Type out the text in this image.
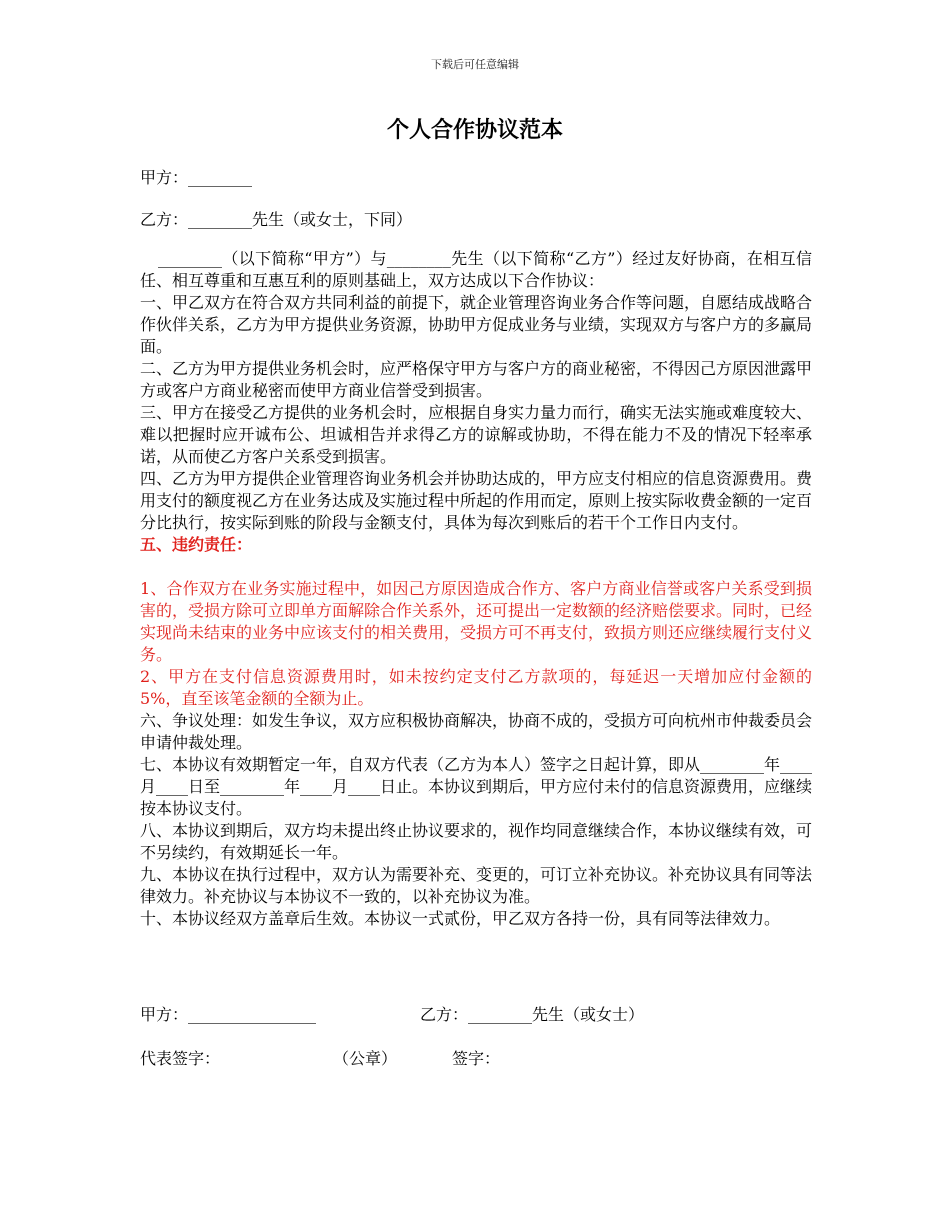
下载后可任意编辑
个人合作协议范本
甲方：________
乙方：________先生（或女士，下同）

________（以下简称“甲方”）与________先生（以下简称“乙方”）经过友好协商，在相互信任、相互尊重和互惠互利的原则基础上，双方达成以下合作协议：

一、甲乙双方在符合双方共同利益的前提下，就企业管理咨询业务合作等问题，自愿结成战略合作伙伴关系，乙方为甲方提供业务资源，协助甲方促成业务与业绩，实现双方与客户方的多赢局面。

二、乙方为甲方提供业务机会时，应严格保守甲方与客户方的商业秘密，不得因己方原因泄露甲方或客户方商业秘密而使甲方商业信誉受到损害。

三、甲方在接受乙方提供的业务机会时，应根据自身实力量力而行，确实无法实施或难度较大、难以把握时应开诚布公、坦诚相告并求得乙方的谅解或协助，不得在能力不及的情况下轻率承诺，从而使乙方客户关系受到损害。

四、乙方为甲方提供企业管理咨询业务机会并协助达成的，甲方应支付相应的信息资源费用。费用支付的额度视乙方在业务达成及实施过程中所起的作用而定，原则上按实际收费金额的一定百分比执行，按实际到账的阶段与金额支付，具体为每次到账后的若干个工作日内支付。

五、违约责任：

1、合作双方在业务实施过程中，如因己方原因造成合作方、客户方商业信誉或客户关系受到损害的，受损方除可立即单方面解除合作关系外，还可提出一定数额的经济赔偿要求。同时，已经实现尚未结束的业务中应该支付的相关费用，受损方可不再支付，致损方则还应继续履行支付义务。

2、甲方在支付信息资源费用时，如未按约定支付乙方款项的，每延迟一天增加应付金额的5%，直至该笔金额的全额为止。

六、争议处理：如发生争议，双方应积极协商解决，协商不成的，受损方可向杭州市仲裁委员会申请仲裁处理。

七、本协议有效期暂定一年，自双方代表（乙方为本人）签字之日起计算，即从________年____月____日至________年____月____日止。本协议到期后，甲方应付未付的信息资源费用，应继续按本协议支付。

八、本协议到期后，双方均未提出终止协议要求的，视作均同意继续合作，本协议继续有效，可不另续约，有效期延长一年。

九、本协议在执行过程中，双方认为需要补充、变更的，可订立补充协议。补充协议具有同等法律效力。补充协议与本协议不一致的，以补充协议为准。

十、本协议经双方盖章后生效。本协议一式贰份，甲乙双方各持一份，具有同等法律效力。

甲方：________________	乙方：________先生（或女士）
代表签字：	（公章）	签字：
